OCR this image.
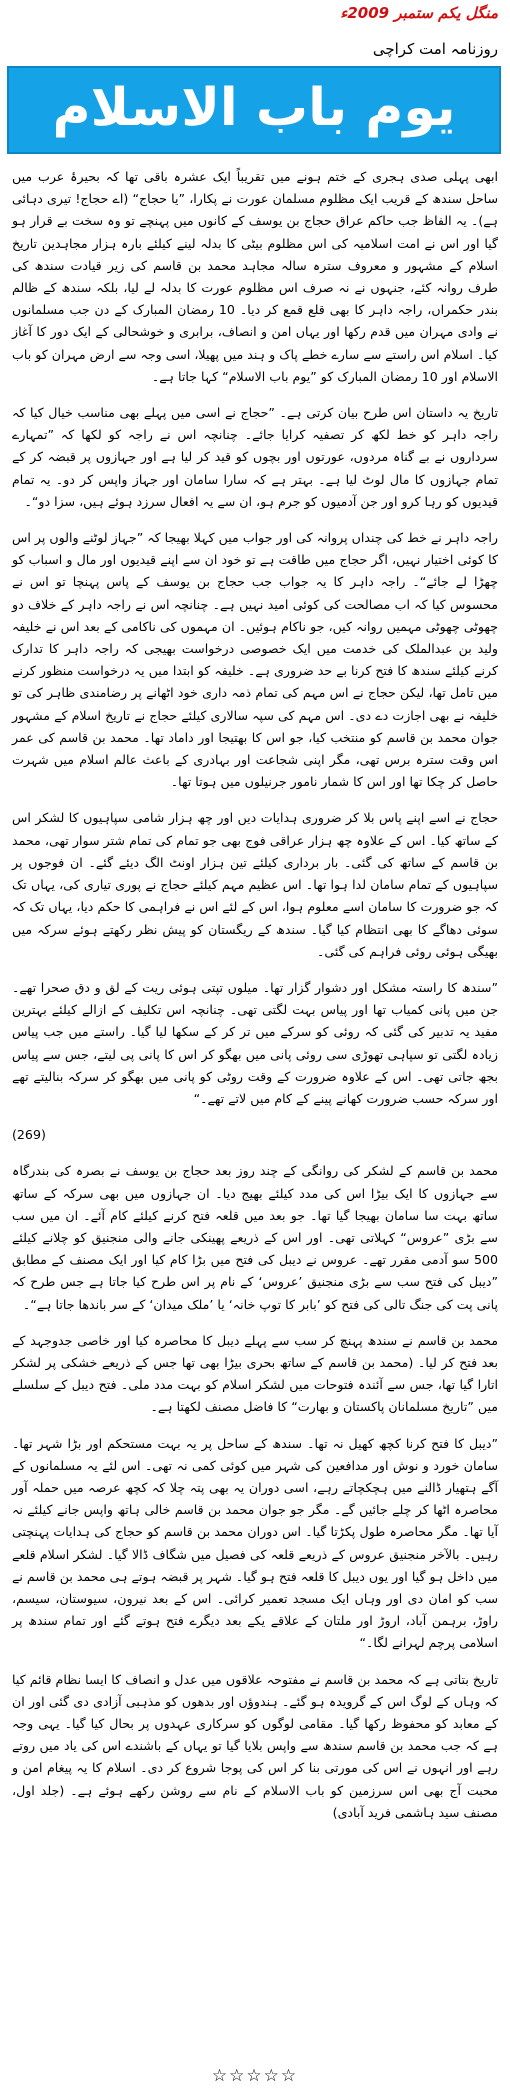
منگل یکم ستمبر 2009ء
روزنامہ امت کراچی
یوم باب الاسلام

ابھی پہلی صدی ہجری کے ختم ہونے میں تقریباً ایک عشرہ باقی تھا کہ بحیرۂ عرب میں ساحل سندھ کے قریب ایک مظلوم مسلمان عورت نے پکارا، ”یا حجاج“ (اے حجاج! تیری دہائی ہے)۔ یہ الفاظ جب حاکم عراق حجاج بن یوسف کے کانوں میں پہنچے تو وہ سخت بے قرار ہو گیا اور اس نے امت اسلامیہ کی اس مظلوم بیٹی کا بدلہ لینے کیلئے بارہ ہزار مجاہدین تاریخ اسلام کے مشہور و معروف سترہ سالہ مجاہد محمد بن قاسم کی زیر قیادت سندھ کی طرف روانہ کئے، جنہوں نے نہ صرف اس مظلوم عورت کا بدلہ لے لیا، بلکہ سندھ کے ظالم بندر حکمراں، راجہ داہر کا بھی قلع قمع کر دیا۔ 10 رمضان المبارک کے دن جب مسلمانوں نے وادی مہران میں قدم رکھا اور یہاں امن و انصاف، برابری و خوشحالی کے ایک دور کا آغاز کیا۔ اسلام اس راستے سے سارے خطے پاک و ہند میں پھیلا، اسی وجہ سے ارض مہران کو باب الاسلام اور 10 رمضان المبارک کو ”یوم باب الاسلام“ کہا جاتا ہے۔

تاریخ یہ داستان اس طرح بیان کرتی ہے۔ ”حجاج نے اسی میں پہلے بھی مناسب خیال کیا کہ راجہ داہر کو خط لکھ کر تصفیہ کرایا جائے۔ چنانچہ اس نے راجہ کو لکھا کہ ”تمہارے سرداروں نے بے گناہ مردوں، عورتوں اور بچوں کو قید کر لیا ہے اور جہازوں پر قبضہ کر کے تمام جہازوں کا مال لوٹ لیا ہے۔ بہتر ہے کہ سارا سامان اور جہاز واپس کر دو۔ یہ تمام قیدیوں کو رہا کرو اور جن آدمیوں کو جرم ہو، ان سے یہ افعال سرزد ہوئے ہیں، سزا دو“۔

راجہ داہر نے خط کی چنداں پروانہ کی اور جواب میں کہلا بھیجا کہ ”جہاز لوٹنے والوں پر اس کا کوئی اختیار نہیں، اگر حجاج میں طاقت ہے تو خود ان سے اپنے قیدیوں اور مال و اسباب کو چھڑا لے جائے“۔ راجہ داہر کا یہ جواب جب حجاج بن یوسف کے پاس پہنچا تو اس نے محسوس کیا کہ اب مصالحت کی کوئی امید نہیں ہے۔ چنانچہ اس نے راجہ داہر کے خلاف دو چھوٹی چھوٹی مہمیں روانہ کیں، جو ناکام ہوئیں۔ ان مہموں کی ناکامی کے بعد اس نے خلیفہ ولید بن عبدالملک کی خدمت میں ایک خصوصی درخواست بھیجی کہ راجہ داہر کا تدارک کرنے کیلئے سندھ کا فتح کرنا بے حد ضروری ہے۔ خلیفہ کو ابتدا میں یہ درخواست منظور کرنے میں تامل تھا، لیکن حجاج نے اس مہم کی تمام ذمہ داری خود اٹھانے پر رضامندی ظاہر کی تو خلیفہ نے بھی اجازت دے دی۔ اس مہم کی سپہ سالاری کیلئے حجاج نے تاریخ اسلام کے مشہور جوان محمد بن قاسم کو منتخب کیا، جو اس کا بھتیجا اور داماد تھا۔ محمد بن قاسم کی عمر اس وقت سترہ برس تھی، مگر اپنی شجاعت اور بہادری کے باعث عالم اسلام میں شہرت حاصل کر چکا تھا اور اس کا شمار نامور جرنیلوں میں ہوتا تھا۔

حجاج نے اسے اپنے پاس بلا کر ضروری ہدایات دیں اور چھ ہزار شامی سپاہیوں کا لشکر اس کے ساتھ کیا۔ اس کے علاوہ چھ ہزار عراقی فوج بھی جو تمام کی تمام شتر سوار تھی، محمد بن قاسم کے ساتھ کی گئی۔ بار برداری کیلئے تین ہزار اونٹ الگ دیئے گئے۔ ان فوجوں پر سپاہیوں کے تمام سامان لدا ہوا تھا۔ اس عظیم مہم کیلئے حجاج نے پوری تیاری کی، یہاں تک کہ جو ضرورت کا سامان اسے معلوم ہوا، اس کے لئے اس نے فراہمی کا حکم دیا، یہاں تک کہ سوئی دھاگے کا بھی انتظام کیا گیا۔ سندھ کے ریگستان کو پیش نظر رکھتے ہوئے سرکہ میں بھیگی ہوئی روئی فراہم کی گئی۔

”سندھ کا راستہ مشکل اور دشوار گزار تھا۔ میلوں تپتی ہوئی ریت کے لق و دق صحرا تھے۔ جن میں پانی کمیاب تھا اور پیاس بہت لگتی تھی۔ چنانچہ اس تکلیف کے ازالے کیلئے بہترین مفید یہ تدبیر کی گئی کہ روئی کو سرکے میں تر کر کے سکھا لیا گیا۔ راستے میں جب پیاس زیادہ لگتی تو سپاہی تھوڑی سی روئی پانی میں بھگو کر اس کا پانی پی لیتے، جس سے پیاس بجھ جاتی تھی۔ اس کے علاوہ ضرورت کے وقت روٹی کو پانی میں بھگو کر سرکہ بنالیتے تھے اور سرکہ حسب ضرورت کھانے پینے کے کام میں لاتے تھے۔“

(269)

محمد بن قاسم کے لشکر کی روانگی کے چند روز بعد حجاج بن یوسف نے بصرہ کی بندرگاہ سے جہازوں کا ایک بیڑا اس کی مدد کیلئے بھیج دیا۔ ان جہازوں میں بھی سرکہ کے ساتھ ساتھ بہت سا سامان بھیجا گیا تھا۔ جو بعد میں قلعہ فتح کرنے کیلئے کام آئے۔ ان میں سب سے بڑی ”عروس“ کہلاتی تھی۔ اور اس کے ذریعے پھینکی جانے والی منجنیق کو چلانے کیلئے 500 سو آدمی مقرر تھے۔ عروس نے دیبل کی فتح میں بڑا کام کیا اور ایک مصنف کے مطابق ”دیبل کی فتح سب سے بڑی منجنیق ’عروس‘ کے نام پر اس طرح کیا جاتا ہے جس طرح کہ پانی پت کی جنگ تالی کی فتح کو ’بابر کا توپ خانہ‘ یا ’ملک میدان‘ کے سر باندھا جاتا ہے“۔

محمد بن قاسم نے سندھ پہنچ کر سب سے پہلے دیبل کا محاصرہ کیا اور خاصی جدوجہد کے بعد فتح کر لیا۔ (محمد بن قاسم کے ساتھ بحری بیڑا بھی تھا جس کے ذریعے خشکی پر لشکر اتارا گیا تھا، جس سے آئندہ فتوحات میں لشکر اسلام کو بہت مدد ملی۔ فتح دیبل کے سلسلے میں ”تاریخ مسلمانان پاکستان و بھارت“ کا فاضل مصنف لکھتا ہے۔

”دیبل کا فتح کرنا کچھ کھیل نہ تھا۔ سندھ کے ساحل پر یہ بہت مستحکم اور بڑا شہر تھا۔ سامان خورد و نوش اور مدافعین کی شہر میں کوئی کمی نہ تھی۔ اس لئے یہ مسلمانوں کے آگے ہتھیار ڈالنے میں ہچکچاتے رہے، اسی دوران یہ بھی پتہ چلا کہ کچھ عرصہ میں حملہ آور محاصرہ اٹھا کر چلے جائیں گے۔ مگر جو جوان محمد بن قاسم خالی ہاتھ واپس جانے کیلئے نہ آیا تھا۔ مگر محاصرہ طول پکڑتا گیا۔ اس دوران محمد بن قاسم کو حجاج کی ہدایات پہنچتی رہیں۔ بالآخر منجنیق عروس کے ذریعے قلعہ کی فصیل میں شگاف ڈالا گیا۔ لشکر اسلام قلعے میں داخل ہو گیا اور یوں دیبل کا قلعہ فتح ہو گیا۔ شہر پر قبضہ ہوتے ہی محمد بن قاسم نے سب کو امان دی اور وہاں ایک مسجد تعمیر کرائی۔ اس کے بعد نیرون، سیوستان، سیسم، راوڑ، برہمن آباد، اروڑ اور ملتان کے علاقے یکے بعد دیگرے فتح ہوتے گئے اور تمام سندھ پر اسلامی پرچم لہرانے لگا۔“

تاریخ بتاتی ہے کہ محمد بن قاسم نے مفتوحہ علاقوں میں عدل و انصاف کا ایسا نظام قائم کیا کہ وہاں کے لوگ اس کے گرویدہ ہو گئے۔ ہندوؤں اور بدھوں کو مذہبی آزادی دی گئی اور ان کے معابد کو محفوظ رکھا گیا۔ مقامی لوگوں کو سرکاری عہدوں پر بحال کیا گیا۔ یہی وجہ ہے کہ جب محمد بن قاسم سندھ سے واپس بلایا گیا تو یہاں کے باشندے اس کی یاد میں روتے رہے اور انہوں نے اس کی مورتی بنا کر اس کی پوجا شروع کر دی۔ اسلام کا یہ پیغام امن و محبت آج بھی اس سرزمین کو باب الاسلام کے نام سے روشن رکھے ہوئے ہے۔ (جلد اول، مصنف سید ہاشمی فرید آبادی)

☆☆☆☆☆
